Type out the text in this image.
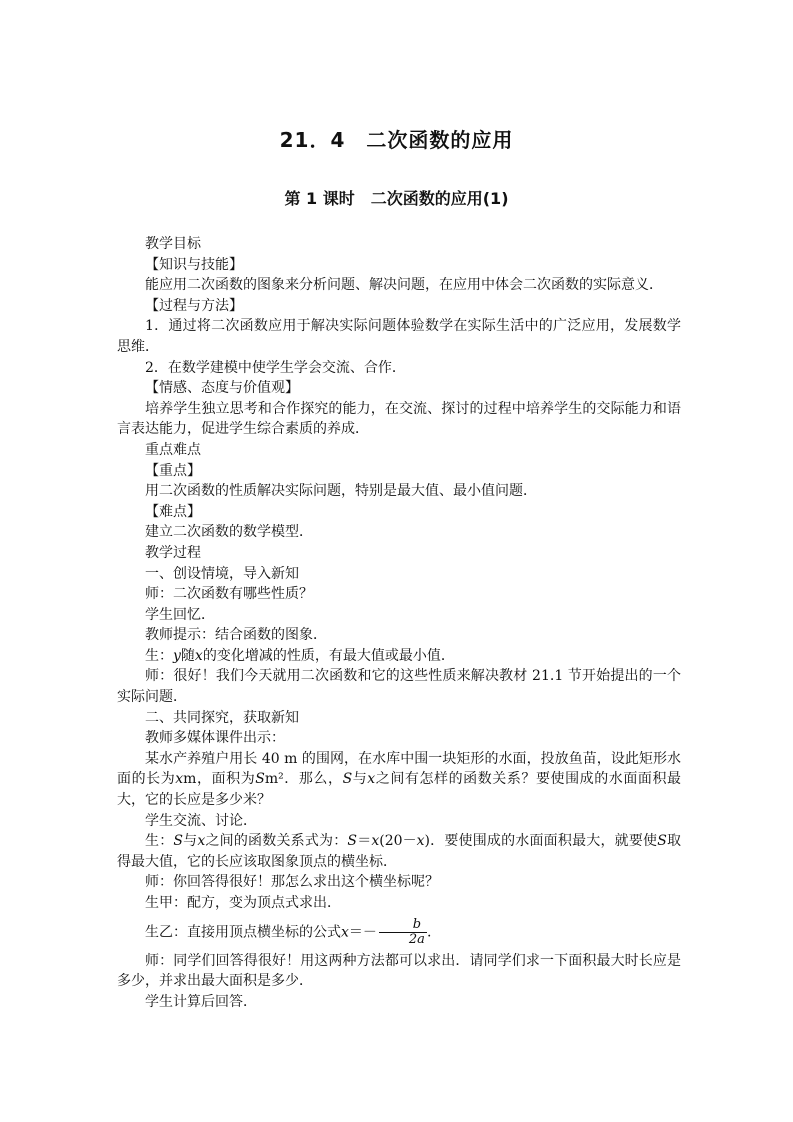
21．4　二次函数的应用
第 1 课时　二次函数的应用(1)

教学目标

【知识与技能】

能应用二次函数的图象来分析问题、解决问题，在应用中体会二次函数的实际意义．

【过程与方法】

1．通过将二次函数应用于解决实际问题体验数学在实际生活中的广泛应用，发展数学思维．

2．在数学建模中使学生学会交流、合作．

【情感、态度与价值观】

培养学生独立思考和合作探究的能力，在交流、探讨的过程中培养学生的交际能力和语言表达能力，促进学生综合素质的养成．

重点难点

【重点】

用二次函数的性质解决实际问题，特别是最大值、最小值问题．

【难点】

建立二次函数的数学模型．

教学过程

一、创设情境，导入新知

师：二次函数有哪些性质？

学生回忆．

教师提示：结合函数的图象．

生：y随x的变化增减的性质，有最大值或最小值．

师：很好！我们今天就用二次函数和它的这些性质来解决教材 21.1 节开始提出的一个实际问题．

二、共同探究，获取新知

教师多媒体课件出示：

某水产养殖户用长 40 m 的围网，在水库中围一块矩形的水面，投放鱼苗，设此矩形水面的长为xm，面积为Sm²．那么，S与x之间有怎样的函数关系？要使围成的水面面积最大，它的长应是多少米？

学生交流、讨论．

生：S与x之间的函数关系式为：S＝x(20－x)．要使围成的水面面积最大，就要使S取得最大值，它的长应该取图象顶点的横坐标．

师：你回答得很好！那怎么求出这个横坐标呢？

生甲：配方，变为顶点式求出．

生乙：直接用顶点横坐标的公式$x=- \frac{b}{2a}$ .

师：同学们回答得很好！用这两种方法都可以求出．请同学们求一下面积最大时长应是多少，并求出最大面积是多少．

学生计算后回答．
